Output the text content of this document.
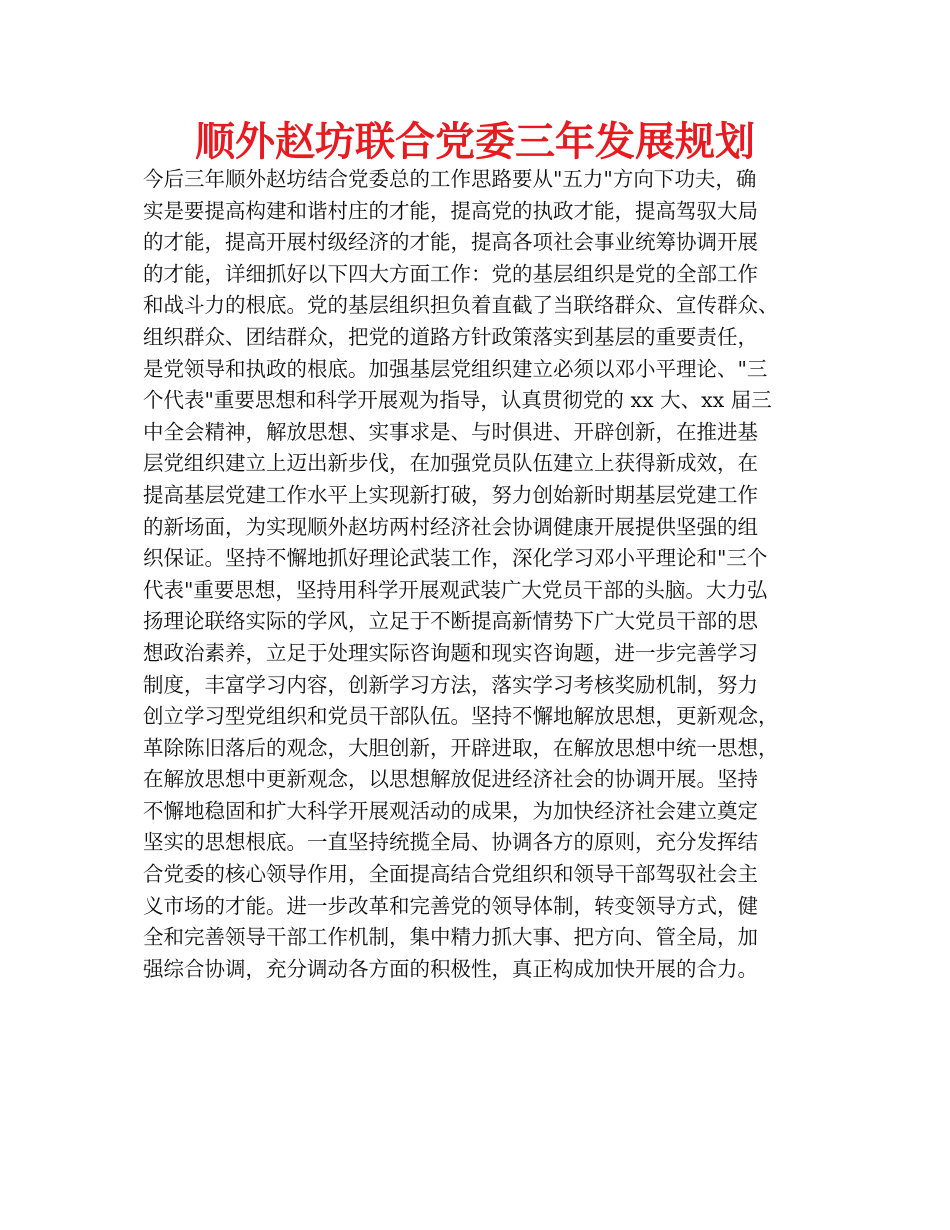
顺外赵坊联合党委三年发展规划
今后三年顺外赵坊结合党委总的工作思路要从"五力"方向下功夫，确
实是要提高构建和谐村庄的才能，提高党的执政才能，提高驾驭大局
的才能，提高开展村级经济的才能，提高各项社会事业统筹协调开展
的才能，详细抓好以下四大方面工作：党的基层组织是党的全部工作
和战斗力的根底。党的基层组织担负着直截了当联络群众、宣传群众、
组织群众、团结群众，把党的道路方针政策落实到基层的重要责任，
是党领导和执政的根底。加强基层党组织建立必须以邓小平理论、"三
个代表"重要思想和科学开展观为指导，认真贯彻党的 xx 大、xx 届三
中全会精神，解放思想、实事求是、与时俱进、开辟创新，在推进基
层党组织建立上迈出新步伐，在加强党员队伍建立上获得新成效，在
提高基层党建工作水平上实现新打破，努力创始新时期基层党建工作
的新场面，为实现顺外赵坊两村经济社会协调健康开展提供坚强的组
织保证。坚持不懈地抓好理论武装工作，深化学习邓小平理论和"三个
代表"重要思想，坚持用科学开展观武装广大党员干部的头脑。大力弘
扬理论联络实际的学风，立足于不断提高新情势下广大党员干部的思
想政治素养，立足于处理实际咨询题和现实咨询题，进一步完善学习
制度，丰富学习内容，创新学习方法，落实学习考核奖励机制，努力
创立学习型党组织和党员干部队伍。坚持不懈地解放思想，更新观念，
革除陈旧落后的观念，大胆创新，开辟进取，在解放思想中统一思想，
在解放思想中更新观念，以思想解放促进经济社会的协调开展。坚持
不懈地稳固和扩大科学开展观活动的成果，为加快经济社会建立奠定
坚实的思想根底。一直坚持统揽全局、协调各方的原则，充分发挥结
合党委的核心领导作用，全面提高结合党组织和领导干部驾驭社会主
义市场的才能。进一步改革和完善党的领导体制，转变领导方式，健
全和完善领导干部工作机制，集中精力抓大事、把方向、管全局，加
强综合协调，充分调动各方面的积极性，真正构成加快开展的合力。
